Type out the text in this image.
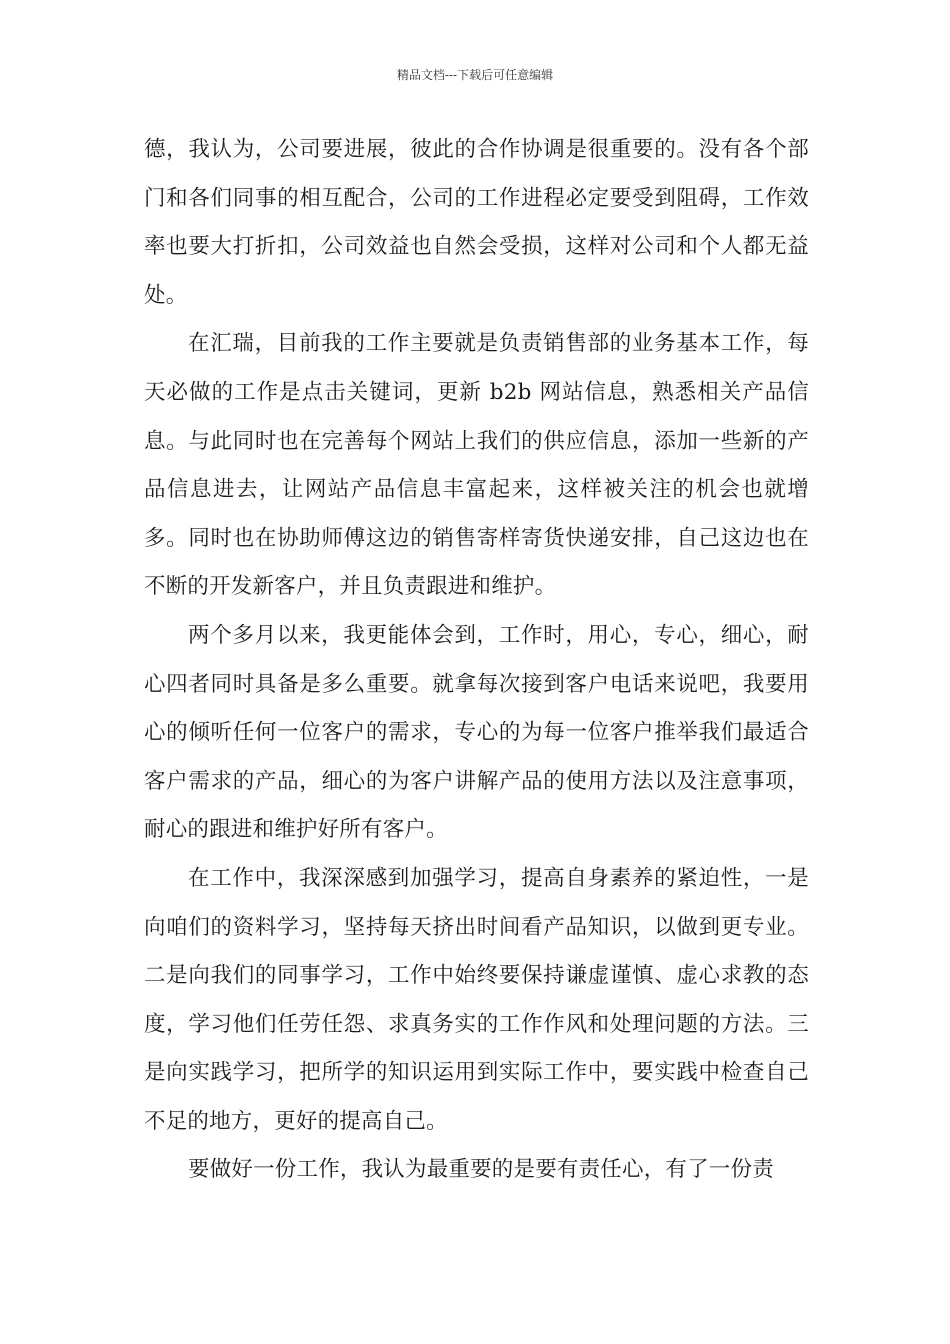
精品文档---下载后可任意编辑

德，我认为，公司要进展，彼此的合作协调是很重要的。没有各个部门和各们同事的相互配合，公司的工作进程必定要受到阻碍，工作效率也要大打折扣，公司效益也自然会受损，这样对公司和个人都无益处。

在汇瑞，目前我的工作主要就是负责销售部的业务基本工作，每天必做的工作是点击关键词，更新 b2b 网站信息，熟悉相关产品信息。与此同时也在完善每个网站上我们的供应信息，添加一些新的产品信息进去，让网站产品信息丰富起来，这样被关注的机会也就增多。同时也在协助师傅这边的销售寄样寄货快递安排，自己这边也在不断的开发新客户，并且负责跟进和维护。

两个多月以来，我更能体会到，工作时，用心，专心，细心，耐心四者同时具备是多么重要。就拿每次接到客户电话来说吧，我要用心的倾听任何一位客户的需求，专心的为每一位客户推举我们最适合客户需求的产品，细心的为客户讲解产品的使用方法以及注意事项，耐心的跟进和维护好所有客户。

在工作中，我深深感到加强学习，提高自身素养的紧迫性，一是向咱们的资料学习，坚持每天挤出时间看产品知识，以做到更专业。二是向我们的同事学习，工作中始终要保持谦虚谨慎、虚心求教的态度，学习他们任劳任怨、求真务实的工作作风和处理问题的方法。三是向实践学习，把所学的知识运用到实际工作中，要实践中检查自己不足的地方，更好的提高自己。

要做好一份工作，我认为最重要的是要有责任心，有了一份责
